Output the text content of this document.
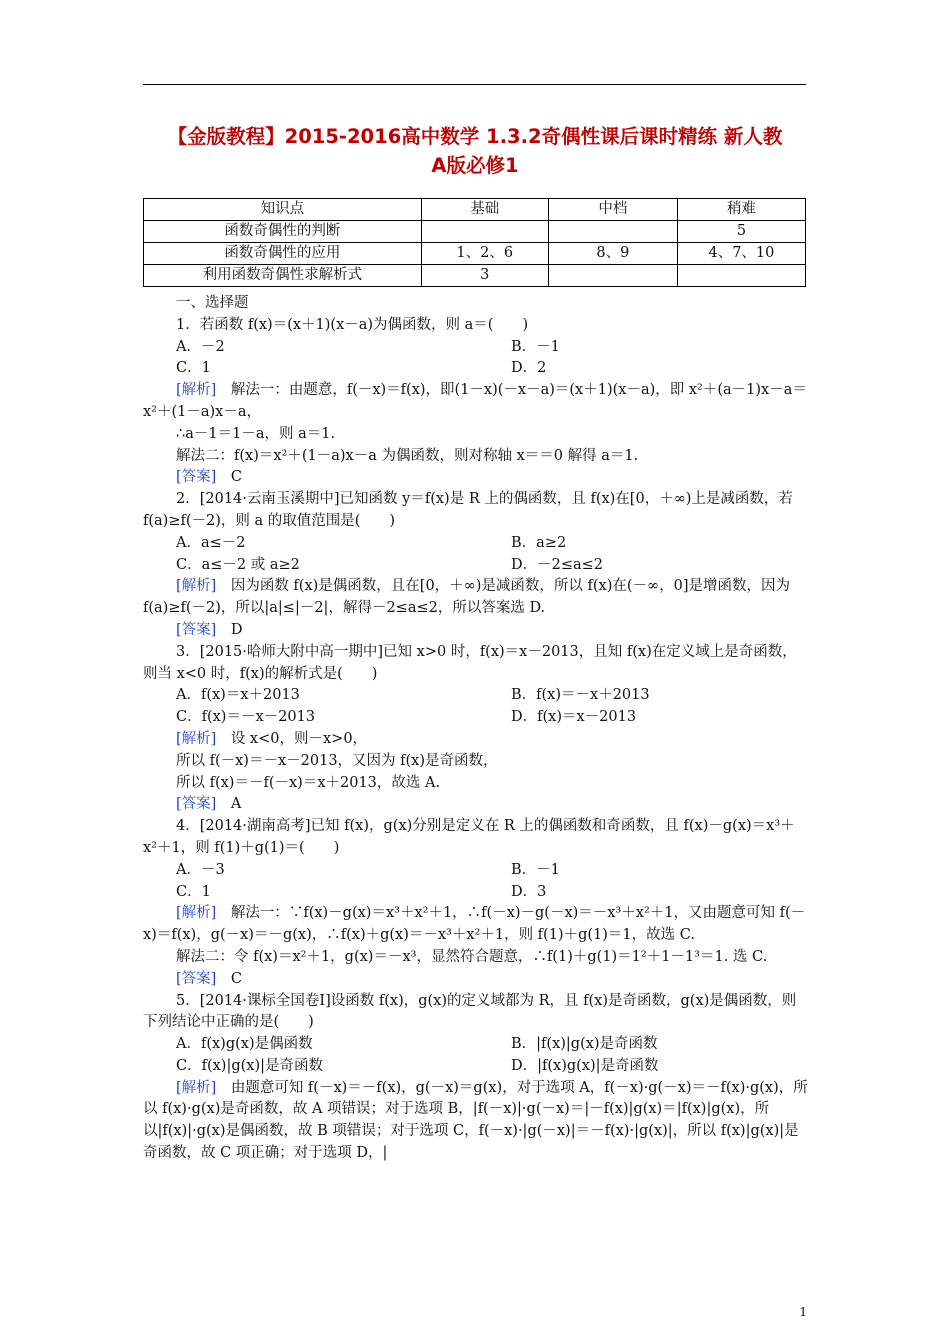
【金版教程】2015-2016高中数学 1.3.2奇偶性课后课时精练 新人教
A版必修1
知识点	基础	中档	稍难
函数奇偶性的判断			5
函数奇偶性的应用	1、2、6	8、9	4、7、10
利用函数奇偶性求解析式	3		

一、选择题

1．若函数 f(x)＝(x＋1)(x－a)为偶函数，则 a＝(　　)

A．－2	B．－1
C．1	D．2

[解析]　解法一：由题意，f(－x)＝f(x)，即(1－x)(－x－a)＝(x＋1)(x－a)，即 x²＋(a－1)x－a＝x²＋(1－a)x－a，

∴a－1＝1－a，则 a＝1.

解法二：f(x)＝x²＋(1－a)x－a 为偶函数，则对称轴 x＝＝0 解得 a＝1.

[答案]　C

2．[2014·云南玉溪期中]已知函数 y＝f(x)是 R 上的偶函数，且 f(x)在[0，＋∞)上是减函数，若 f(a)≥f(－2)，则 a 的取值范围是(　　)

A．a≤－2	B．a≥2
C．a≤－2 或 a≥2	D．－2≤a≤2

[解析]　因为函数 f(x)是偶函数，且在[0，＋∞)是减函数，所以 f(x)在(－∞，0]是增函数，因为 f(a)≥f(－2)，所以|a|≤|－2|，解得－2≤a≤2，所以答案选 D.

[答案]　D

3．[2015·哈师大附中高一期中]已知 x>0 时，f(x)＝x－2013，且知 f(x)在定义域上是奇函数，则当 x<0 时，f(x)的解析式是(　　)

A．f(x)＝x＋2013	B．f(x)＝－x＋2013
C．f(x)＝－x－2013	D．f(x)＝x－2013

[解析]　设 x<0，则－x>0，

所以 f(－x)＝－x－2013，又因为 f(x)是奇函数，

所以 f(x)＝－f(－x)＝x＋2013，故选 A.

[答案]　A

4．[2014·湖南高考]已知 f(x)，g(x)分别是定义在 R 上的偶函数和奇函数，且 f(x)－g(x)＝x³＋x²＋1，则 f(1)＋g(1)＝(　　)

A．－3	B．－1
C．1	D．3

[解析]　解法一：∵f(x)－g(x)＝x³＋x²＋1，∴f(－x)－g(－x)＝－x³＋x²＋1，又由题意可知 f(－x)＝f(x)，g(－x)＝－g(x)，∴f(x)＋g(x)＝－x³＋x²＋1，则 f(1)＋g(1)＝1，故选 C.

解法二：令 f(x)＝x²＋1，g(x)＝－x³，显然符合题意，∴f(1)＋g(1)＝1²＋1－1³＝1. 选 C.

[答案]　C

5．[2014·课标全国卷Ⅰ]设函数 f(x)，g(x)的定义域都为 R，且 f(x)是奇函数，g(x)是偶函数，则下列结论中正确的是(　　)

A．f(x)g(x)是偶函数	B．|f(x)|g(x)是奇函数
C．f(x)|g(x)|是奇函数	D．|f(x)g(x)|是奇函数

[解析]　由题意可知 f(－x)＝－f(x)，g(－x)＝g(x)，对于选项 A，f(－x)·g(－x)＝－f(x)·g(x)，所以 f(x)·g(x)是奇函数，故 A 项错误；对于选项 B，|f(－x)|·g(－x)＝|－f(x)|g(x)＝|f(x)|g(x)，所以|f(x)|·g(x)是偶函数，故 B 项错误；对于选项 C，f(－x)·|g(－x)|＝－f(x)·|g(x)|，所以 f(x)|g(x)|是奇函数，故 C 项正确；对于选项 D，|

1
